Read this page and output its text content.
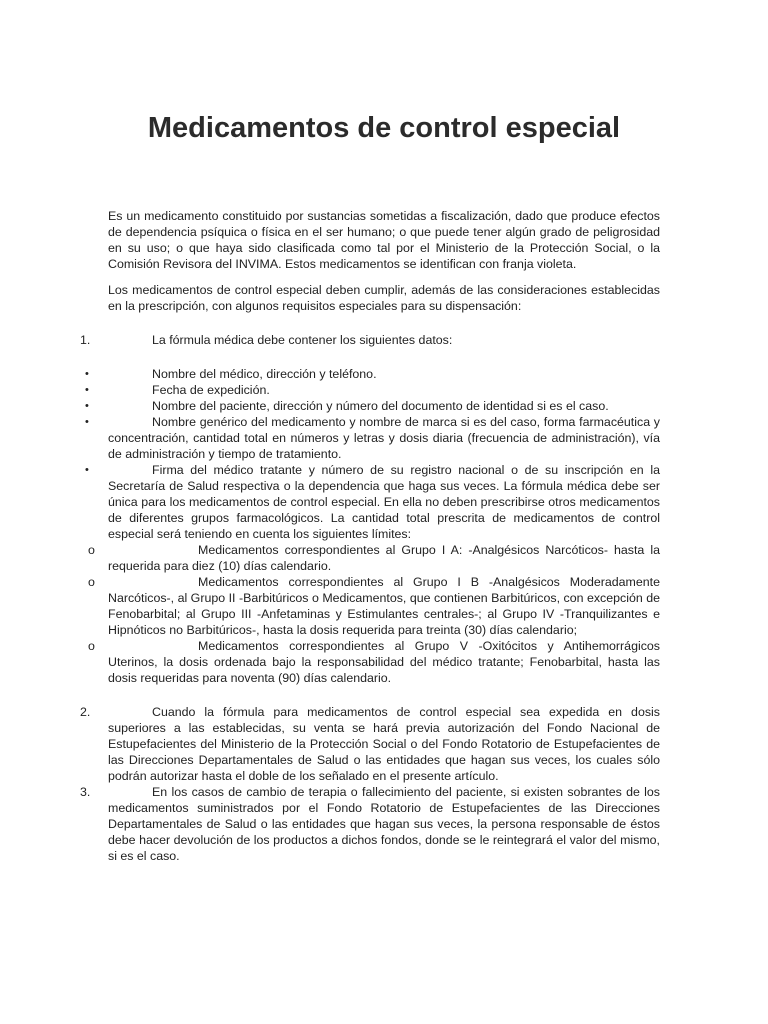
Medicamentos de control especial

Es un medicamento constituido por sustancias sometidas a fiscalización, dado que produce efectos de dependencia psíquica o física en el ser humano; o que puede tener algún grado de peligrosidad en su uso; o que haya sido clasificada como tal por el Ministerio de la Protección Social, o la Comisión Revisora del INVIMA. Estos medicamentos se identifican con franja violeta.

Los medicamentos de control especial deben cumplir, además de las consideraciones establecidas en la prescripción, con algunos requisitos especiales para su dispensación:

1.	La fórmula médica debe contener los siguientes datos:
•	Nombre del médico, dirección y teléfono.
•	Fecha de expedición.
•	Nombre del paciente, dirección y número del documento de identidad si es el caso.
•	Nombre genérico del medicamento y nombre de marca si es del caso, forma farmacéutica y concentración, cantidad total en números y letras y dosis diaria (frecuencia de administración), vía de administración y tiempo de tratamiento.
•	Firma del médico tratante y número de su registro nacional o de su inscripción en la Secretaría de Salud respectiva o la dependencia que haga sus veces. La fórmula médica debe ser única para los medicamentos de control especial. En ella no deben prescribirse otros medicamentos de diferentes grupos farmacológicos. La cantidad total prescrita de medicamentos de control especial será teniendo en cuenta los siguientes límites:
o	Medicamentos correspondientes al Grupo I A: -Analgésicos Narcóticos- hasta la requerida para diez (10) días calendario.
o	Medicamentos correspondientes al Grupo I B -Analgésicos Moderadamente Narcóticos-, al Grupo II -Barbitúricos o Medicamentos, que contienen Barbitúricos, con excepción de Fenobarbital; al Grupo III -Anfetaminas y Estimulantes centrales-; al Grupo IV -Tranquilizantes e Hipnóticos no Barbitúricos-, hasta la dosis requerida para treinta (30) días calendario;
o	Medicamentos correspondientes al Grupo V -Oxitócitos y Antihemorrágicos Uterinos, la dosis ordenada bajo la responsabilidad del médico tratante; Fenobarbital, hasta las dosis requeridas para noventa (90) días calendario.
2.	Cuando la fórmula para medicamentos de control especial sea expedida en dosis superiores a las establecidas, su venta se hará previa autorización del Fondo Nacional de Estupefacientes del Ministerio de la Protección Social o del Fondo Rotatorio de Estupefacientes de las Direcciones Departamentales de Salud o las entidades que hagan sus veces, los cuales sólo podrán autorizar hasta el doble de los señalado en el presente artículo.
3.	En los casos de cambio de terapia o fallecimiento del paciente, si existen sobrantes de los medicamentos suministrados por el Fondo Rotatorio de Estupefacientes de las Direcciones Departamentales de Salud o las entidades que hagan sus veces, la persona responsable de éstos debe hacer devolución de los productos a dichos fondos, donde se le reintegrará el valor del mismo, si es el caso.
